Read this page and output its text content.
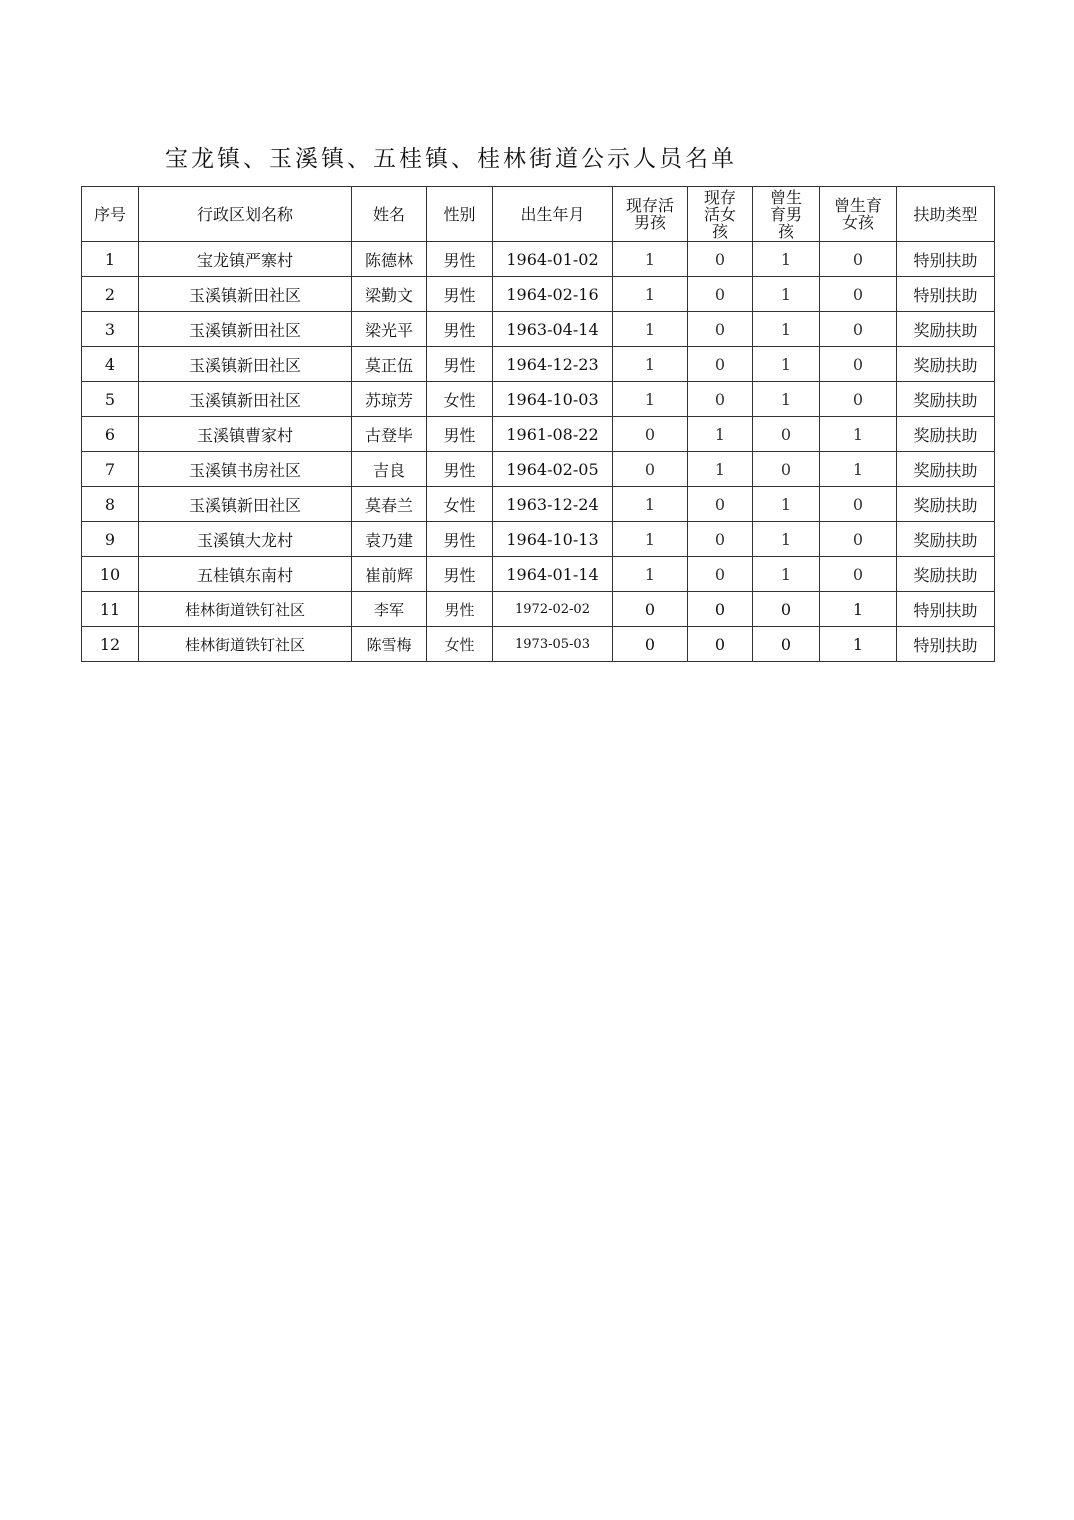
宝龙镇、玉溪镇、五桂镇、桂林街道公示人员名单
序号	行政区划名称	姓名	性别	出生年月	现存活男孩	现存活女孩	曾生育男孩	曾生育女孩	扶助类型
1	宝龙镇严寨村	陈德林	男性	1964-01-02	1	0	1	0	特别扶助
2	玉溪镇新田社区	梁勤文	男性	1964-02-16	1	0	1	0	特别扶助
3	玉溪镇新田社区	梁光平	男性	1963-04-14	1	0	1	0	奖励扶助
4	玉溪镇新田社区	莫正伍	男性	1964-12-23	1	0	1	0	奖励扶助
5	玉溪镇新田社区	苏琼芳	女性	1964-10-03	1	0	1	0	奖励扶助
6	玉溪镇曹家村	古登毕	男性	1961-08-22	0	1	0	1	奖励扶助
7	玉溪镇书房社区	吉良	男性	1964-02-05	0	1	0	1	奖励扶助
8	玉溪镇新田社区	莫春兰	女性	1963-12-24	1	0	1	0	奖励扶助
9	玉溪镇大龙村	袁乃建	男性	1964-10-13	1	0	1	0	奖励扶助
10	五桂镇东南村	崔前辉	男性	1964-01-14	1	0	1	0	奖励扶助
11	桂林街道铁钉社区	李军	男性	1972-02-02	0	0	0	1	特别扶助
12	桂林街道铁钉社区	陈雪梅	女性	1973-05-03	0	0	0	1	特别扶助
